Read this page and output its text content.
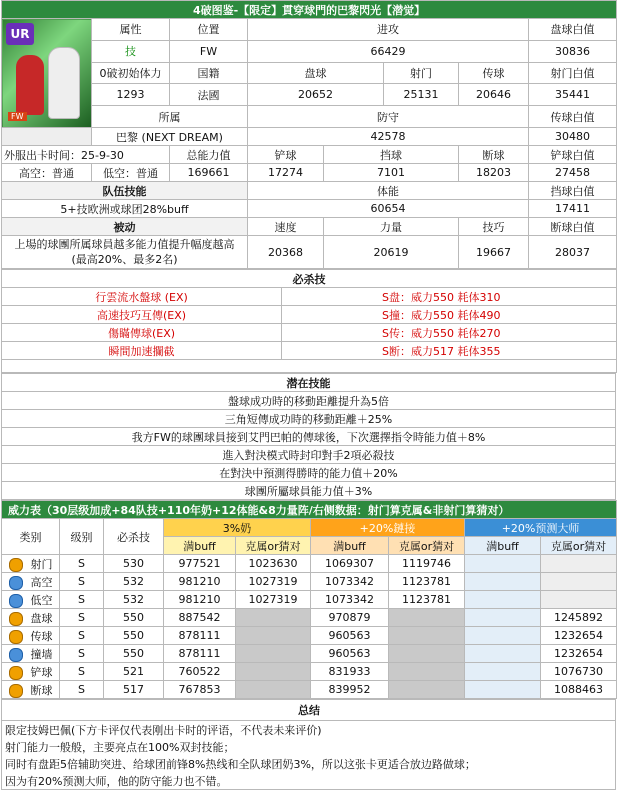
4破图鉴-【限定】貫穿球門的巴黎閃光【潜觉】							

UR
FW	属性	位置	进攻				盘球白值
	技	FW	66429				30836
	0破初始体力	国籍	盘球		射门	传球	射门白值
	1293	法國	20652		25131	20646	35441
	所属		防守				传球白值
	巴黎 (NEXT DREAM)		42578				30480
外服出卡时间：25-9-30		总能力值	铲球	挡球		断球	铲球白值
高空：普通	低空：普通	169661	17274	7101		18203	27458
队伍技能			体能				挡球白值
5+技欧洲或球团28%buff			60654				17411
被动			速度	力量		技巧	断球白值

上場的球團所属球員越多能力值提升幅度越高
(最高20%、最多2名)			20368	20619		19667	28037
必杀技	
行雲流水盤球 (EX)	S盘：威力550 耗体310
高速技巧互傳(EX)	S撞：威力550 耗体490
傷瞞傳球(EX)	S传：威力550 耗体270
瞬間加速攔截	S断：威力517 耗体355

潜在技能
盤球成功時的移動距離提升為5倍
三角短傳成功時的移動距離＋25%
我方FW的球團球員接到艾門巴帕的傳球後，下次選擇指令時能力值＋8%
進入對決模式時封印對手2項必殺技
在對決中預測得勝時的能力值＋20%
球團所屬球員能力值＋3%
威力表（30层级加成+84队技+110年奶+12体能&8力量阵/右侧数据：射门算克属&非射门算猜对）								
类别	级别	必杀技	3%奶		+20%鏈接		+20%预测大师	
			满buff	克属or猜对	满buff	克属or猜对	满buff	克属or猜对
射门	S	530	977521	1023630	1069307	1119746		
高空	S	532	981210	1027319	1073342	1123781		
低空	S	532	981210	1027319	1073342	1123781		
盘球	S	550	887542		970879			1245892
传球	S	550	878111		960563			1232654
撞墙	S	550	878111		960563			1232654
铲球	S	521	760522		831933			1076730
断球	S	517	767853		839952			1088463
总结
限定技姆巴佩(下方卡评仅代表刚出卡时的评语，不代表未来评价)
射门能力一般般，主要亮点在100%双封技能；
同时有盘距5倍辅助突进、给球团前锋8%热线和全队球团奶3%，所以这张卡更适合放边路做球；
因为有20%预测大师，他的防守能力也不错。
